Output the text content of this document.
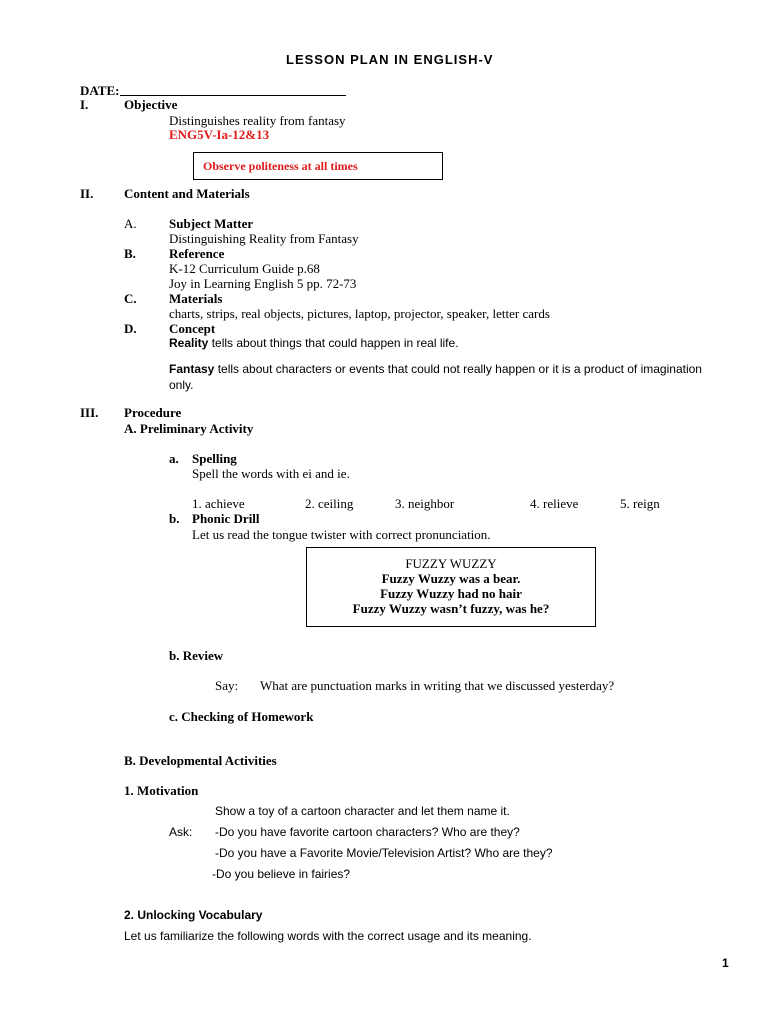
LESSON PLAN IN ENGLISH-V
DATE:
I.	Objective
Distinguishes reality from fantasy
ENG5V-Ia-12&13
Observe politeness at all times
II. Content and Materials
A. Subject Matter
Distinguishing Reality from Fantasy
B.	Reference
K-12 Curriculum Guide p.68
Joy in Learning English 5 pp. 72-73
C. Materials
charts, strips, real objects, pictures, laptop, projector, speaker, letter cards
D. Concept
Reality tells about things that could happen in real life.
Fantasy tells about characters or events that could not really happen or it is a product of imagination
only.
III. Procedure
A. Preliminary Activity
a. Spelling
Spell the words with ei and ie.
1. achieve	2. ceiling	3. neighbor	4. relieve	5. reign
b. Phonic Drill
Let us read the tongue twister with correct pronunciation.
FUZZY WUZZY
Fuzzy Wuzzy was a bear.
Fuzzy Wuzzy had no hair
Fuzzy Wuzzy wasn’t fuzzy, was he?
b. Review
Say: What are punctuation marks in writing that we discussed yesterday?
c. Checking of Homework
B. Developmental Activities
1. Motivation
Show a toy of a cartoon character and let them name it.
Ask: -Do you have favorite cartoon characters? Who are they?
-Do you have a Favorite Movie/Television Artist? Who are they?
-Do you believe in fairies?
2. Unlocking Vocabulary
Let us familiarize the following words with the correct usage and its meaning.
1
